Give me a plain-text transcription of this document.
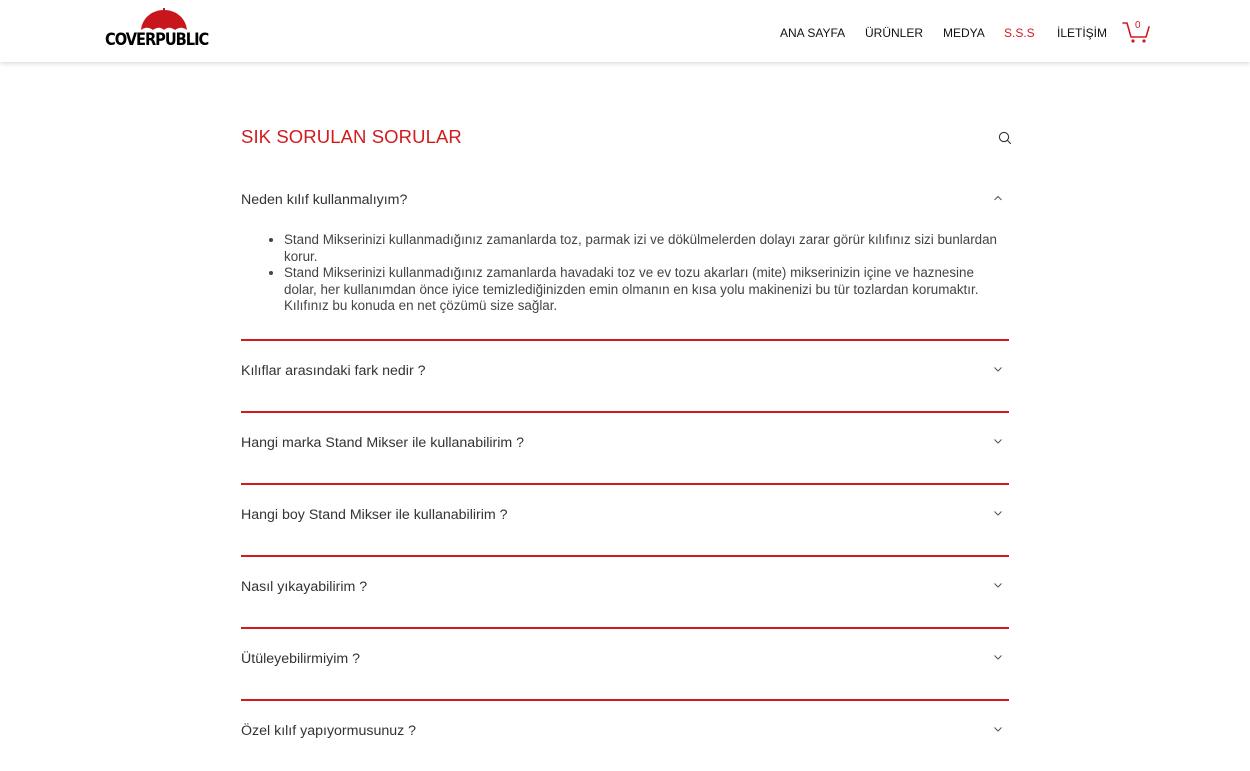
COVERPUBLIC	ANA SAYFA ÜRÜNLER MEDYA S.S.S İLETİŞİM
0
SIK SORULAN SORULAR
Neden kılıf kullanmalıyım?
• Stand Mikserinizi kullanmadığınız zamanlarda toz, parmak izi ve dökülmelerden dolayı zarar görür kılıfınız sizi bunlardan korur.
• Stand Mikserinizi kullanmadığınız zamanlarda havadaki toz ve ev tozu akarları (mite) mikserinizin içine ve haznesine dolar, her kullanımdan önce iyice temizlediğinizden emin olmanın en kısa yolu makinenizi bu tür tozlardan korumaktır. Kılıfınız bu konuda en net çözümü size sağlar.
Kılıflar arasındaki fark nedir ?
Hangi marka Stand Mikser ile kullanabilirim ?
Hangi boy Stand Mikser ile kullanabilirim ?
Nasıl yıkayabilirim ?
Ütüleyebilirmiyim ?
Özel kılıf yapıyormusunuz ?
